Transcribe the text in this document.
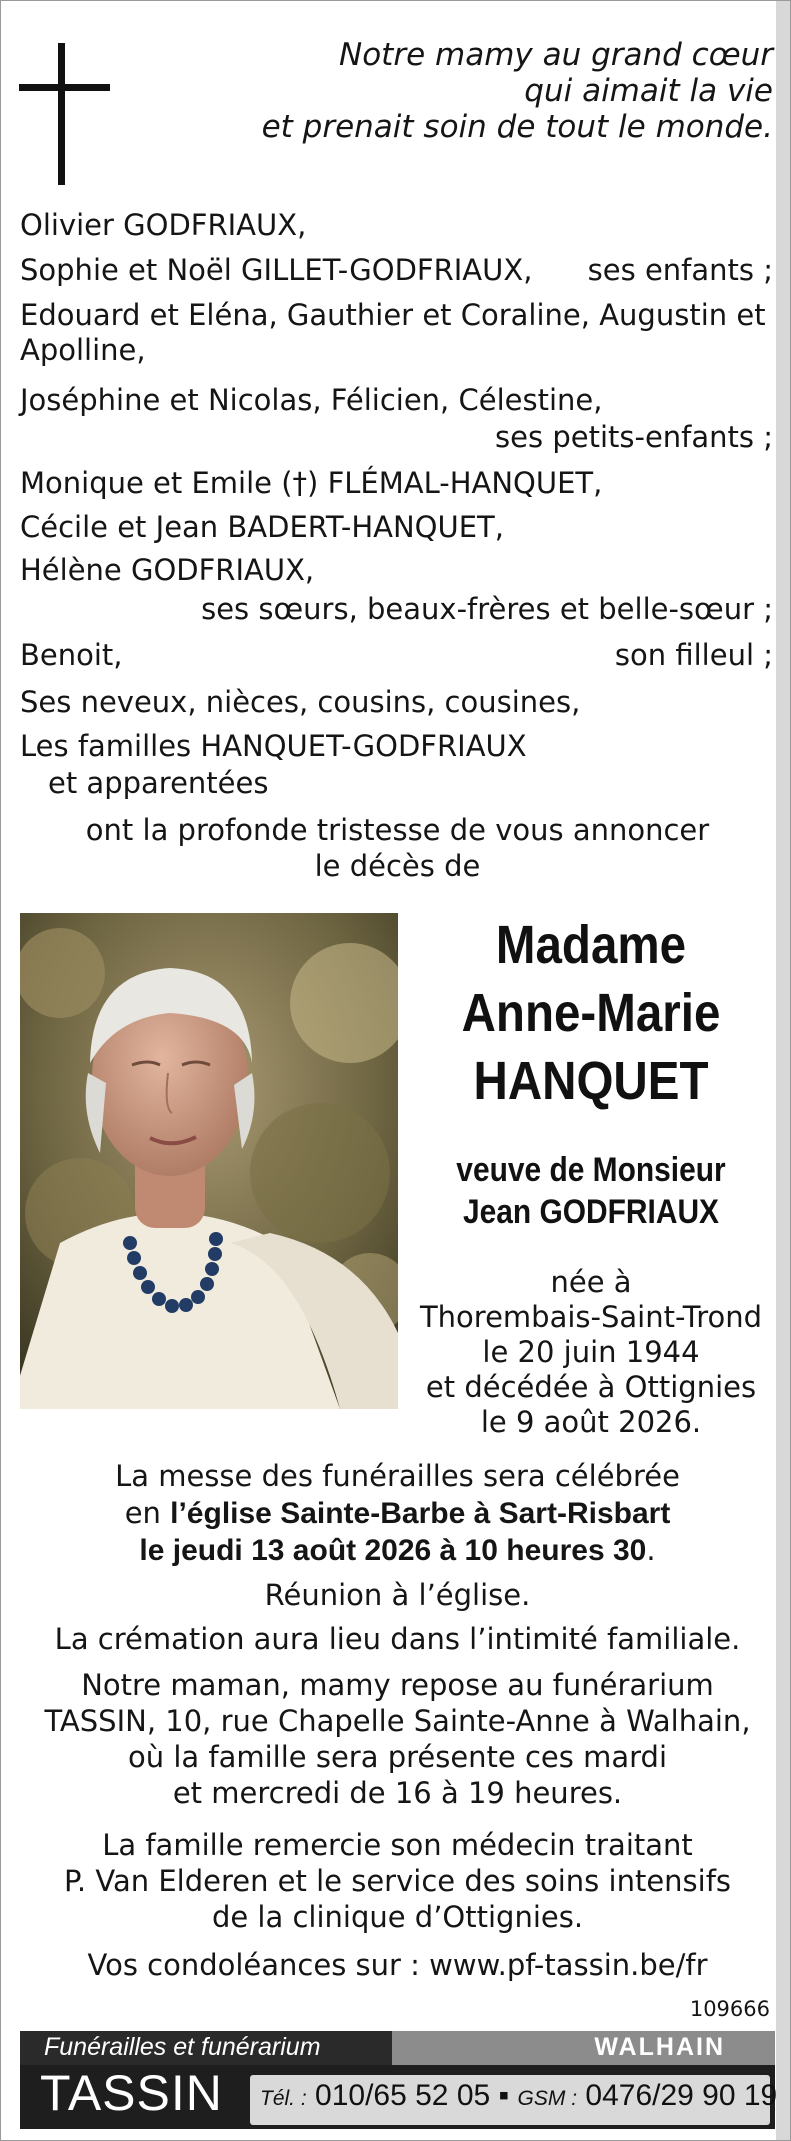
Notre mamy au grand cœur
qui aimait la vie
et prenait soin de tout le monde.
Olivier GODFRIAUX,
Sophie et Noël GILLET-GODFRIAUX,	ses enfants ;
Edouard et Eléna, Gauthier et Coraline, Augustin et
Apolline,
Joséphine et Nicolas, Félicien, Célestine,
ses petits-enfants ;
Monique et Emile (†) FLÉMAL-HANQUET,
Cécile et Jean BADERT-HANQUET,
Hélène GODFRIAUX,
ses sœurs, beaux-frères et belle-sœur ;
Benoit,	son filleul ;
Ses neveux, nièces, cousins, cousines,
Les familles HANQUET-GODFRIAUX
et apparentées
ont la profonde tristesse de vous annoncer
le décès de
Madame
Anne-Marie
HANQUET
veuve de Monsieur
Jean GODFRIAUX
née à
Thorembais-Saint-Trond
le 20 juin 1944
et décédée à Ottignies
le 9 août 2026.
La messe des funérailles sera célébrée
en l’église Sainte-Barbe à Sart-Risbart
le jeudi 13 août 2026 à 10 heures 30.
Réunion à l’église.
La crémation aura lieu dans l’intimité familiale.
Notre maman, mamy repose au funérarium
TASSIN, 10, rue Chapelle Sainte-Anne à Walhain,
où la famille sera présente ces mardi
et mercredi de 16 à 19 heures.
La famille remercie son médecin traitant
P. Van Elderen et le service des soins intensifs
de la clinique d’Ottignies.
Vos condoléances sur : www.pf-tassin.be/fr
109666
Funérailles et funérarium	WALHAIN
TASSIN Tél. : 010/65 52 05 ▪ GSM : 0476/29 90 19
